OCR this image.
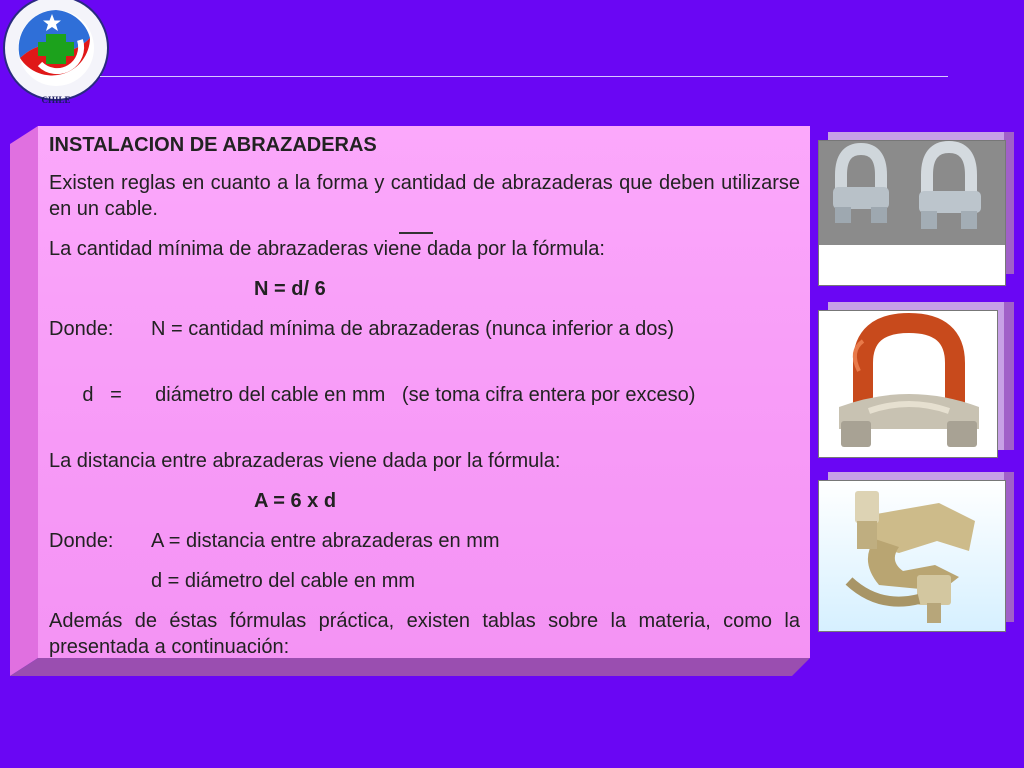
CHILE

INSTALACION DE ABRAZADERAS

Existen reglas en cuanto a la forma y cantidad de abrazaderas que deben utilizarse en un cable.

La cantidad mínima de abrazaderas viene dada por la fórmula:

N = d/ 6

Donde:	N = cantidad mínima de abrazaderas (nunca inferior a dos)

d   =      diámetro del cable en mm   (se toma cifra entera por exceso)

La distancia entre abrazaderas viene dada por la fórmula:

A = 6 x d

Donde:	A = distancia entre abrazaderas en mm

d = diámetro del cable en mm

Además de éstas fórmulas práctica, existen tablas sobre la materia, como la presentada a continuación:
